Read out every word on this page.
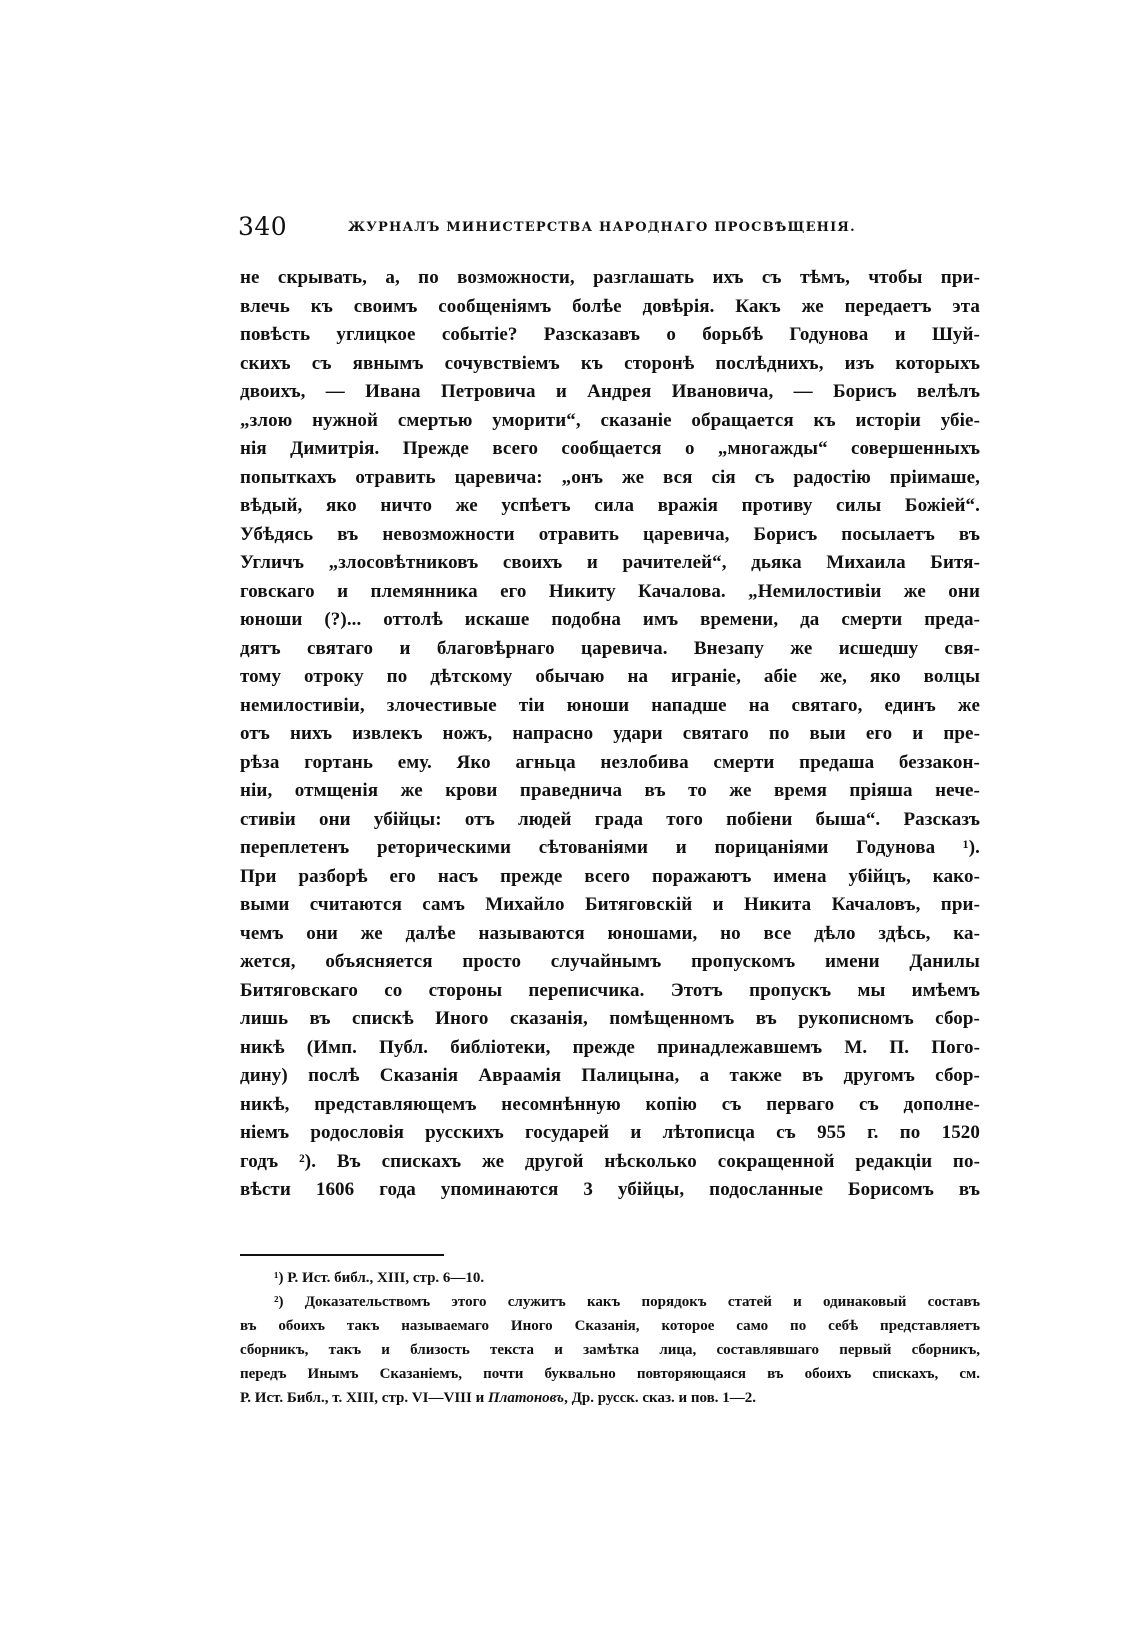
340	ЖУРНАЛЪ МИНИСТЕРСТВА НАРОДНАГО ПРОСВѢЩЕНІЯ.
не скрывать, а, по возможности, разглашать ихъ съ тѣмъ, чтобы при-
влечь къ своимъ сообщеніямъ болѣе довѣрія. Какъ же передаетъ эта
повѣсть углицкое событіе? Разсказавъ о борьбѣ Годунова и Шуй-
скихъ съ явнымъ сочувствіемъ къ сторонѣ послѣднихъ, изъ которыхъ
двоихъ, — Ивана Петровича и Андрея Ивановича, — Борисъ велѣлъ
„злою нужной смертью уморити“, сказаніе обращается къ исторіи убіе-
нія Димитрія. Прежде всего сообщается о „многажды“ совершенныхъ
попыткахъ отравить царевича: „онъ же вся сія съ радостію пріимаше,
вѣдый, яко ничто же успѣетъ сила вражія противу силы Божіей“.
Убѣдясь въ невозможности отравить царевича, Борисъ посылаетъ въ
Угличъ „злосовѣтниковъ своихъ и рачителей“, дьяка Михаила Битя-
говскаго и племянника его Никиту Качалова. „Немилостивіи же они
юноши (?)... оттолѣ искаше подобна имъ времени, да смерти преда-
дятъ святаго и благовѣрнаго царевича. Внезапу же исшедшу свя-
тому отроку по дѣтскому обычаю на играніе, абіе же, яко волцы
немилостивіи, злочестивые тіи юноши нападше на святаго, единъ же
отъ нихъ извлекъ ножъ, напрасно удари святаго по выи его и пре-
рѣза гортань ему. Яко агньца незлобива смерти предаша беззакон-
ніи, отмщенія же крови праведнича въ то же время пріяша нече-
стивіи они убійцы: отъ людей града того побіени быша“. Разсказъ
переплетенъ реторическими сѣтованіями и порицаніями Годунова ¹).
При разборѣ его насъ прежде всего поражаютъ имена убійцъ, како-
выми считаются самъ Михайло Битяговскій и Никита Качаловъ, при-
чемъ они же далѣе называются юношами, но все дѣло здѣсь, ка-
жется, объясняется просто случайнымъ пропускомъ имени Данилы
Битяговскаго со стороны переписчика. Этотъ пропускъ мы имѣемъ
лишь въ спискѣ Иного сказанія, помѣщенномъ въ рукописномъ сбор-
никѣ (Имп. Публ. библіотеки, прежде принадлежавшемъ М. П. Пого-
дину) послѣ Сказанія Авраамія Палицына, а также въ другомъ сбор-
никѣ, представляющемъ несомнѣнную копію съ перваго съ дополне-
ніемъ родословія русскихъ государей и лѣтописца съ 955 г. по 1520
годъ ²). Въ спискахъ же другой нѣсколько сокращенной редакціи по-
вѣсти 1606 года упоминаются 3 убійцы, подосланные Борисомъ въ
¹) Р. Ист. библ., XIII, стр. 6—10.
²) Доказательствомъ этого служитъ какъ порядокъ статей и одинаковый составъ
въ обоихъ такъ называемаго Иного Сказанія, которое само по себѣ представляетъ
сборникъ, такъ и близость текста и замѣтка лица, составлявшаго первый сборникъ,
передъ Инымъ Сказаніемъ, почти буквально повторяющаяся въ обоихъ спискахъ, см.
Р. Ист. Библ., т. XIII, стр. VI—VIII и Платоновъ, Др. русск. сказ. и пов. 1—2.
